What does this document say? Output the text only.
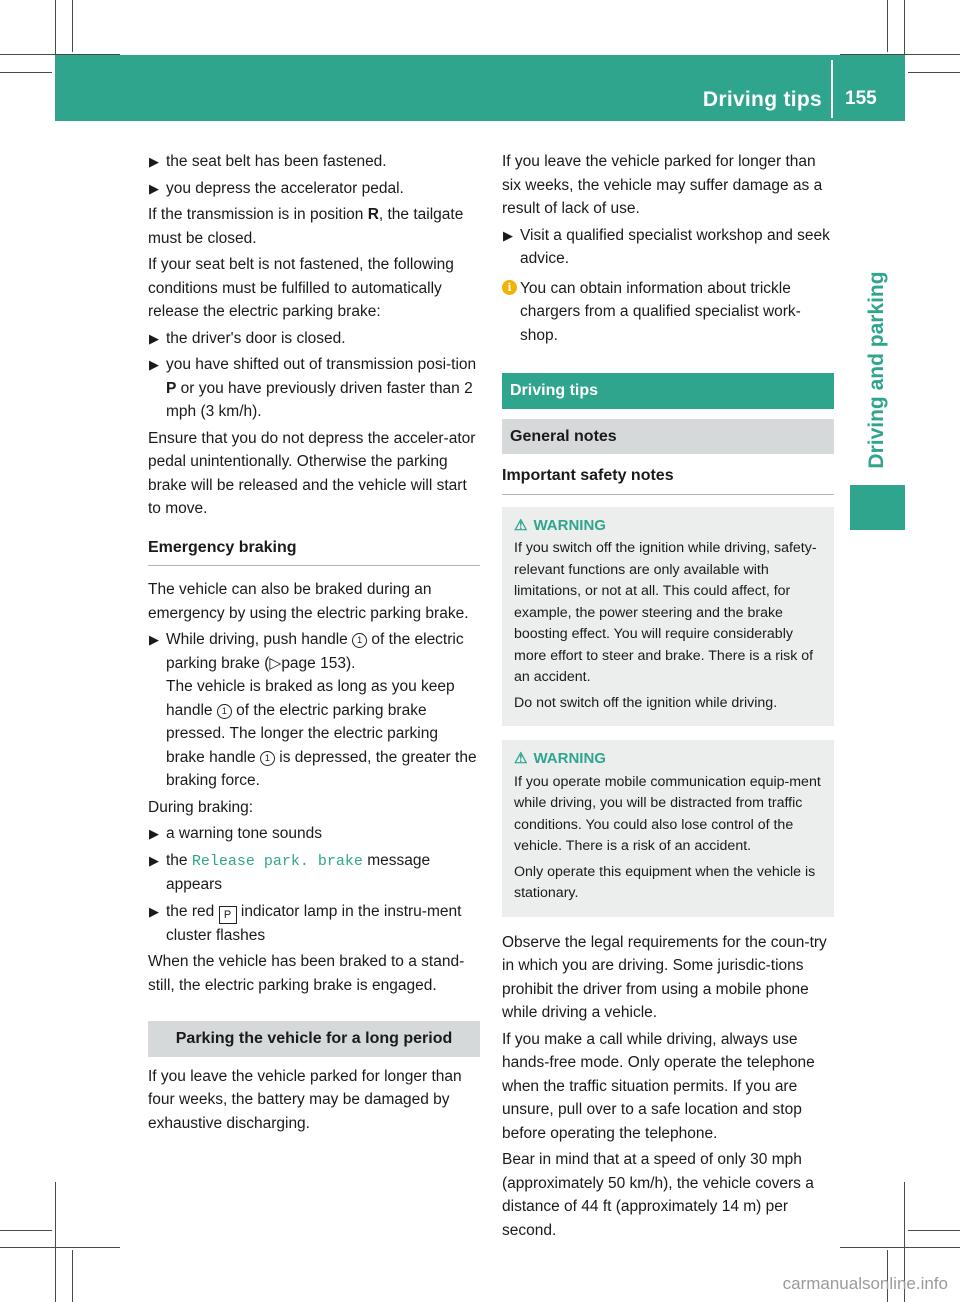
Driving tips 155
Driving and parking
▶︎ the seat belt has been fastened.
▶︎ you depress the accelerator pedal.

If the transmission is in position R, the tailgate must be closed.

If your seat belt is not fastened, the following conditions must be fulfilled to automatically release the electric parking brake:

▶︎ the driver's door is closed.
▶︎ you have shifted out of transmission posi-tion P or you have previously driven faster than 2 mph (3 km/h).

Ensure that you do not depress the acceler-ator pedal unintentionally. Otherwise the parking brake will be released and the vehicle will start to move.

Emergency braking

The vehicle can also be braked during an emergency by using the electric parking brake.

▶ While driving, push handle 1 of the electric parking brake (▷page 153).
The vehicle is braked as long as you keep handle 1 of the electric parking brake pressed. The longer the electric parking brake handle 1 is depressed, the greater the braking force.

During braking:

▶︎ a warning tone sounds
▶︎ the Release park. brake message appears
▶︎ the red P indicator lamp in the instru-ment cluster flashes

When the vehicle has been braked to a stand-still, the electric parking brake is engaged.

Parking the vehicle for a long period

If you leave the vehicle parked for longer than four weeks, the battery may be damaged by exhaustive discharging.

If you leave the vehicle parked for longer than six weeks, the vehicle may suffer damage as a result of lack of use.

▶ Visit a qualified specialist workshop and seek advice.
i You can obtain information about trickle chargers from a qualified specialist work-shop.
Driving tips
General notes
Important safety notes
⚠︎ WARNING

If you switch off the ignition while driving, safety-relevant functions are only available with limitations, or not at all. This could affect, for example, the power steering and the brake boosting effect. You will require considerably more effort to steer and brake. There is a risk of an accident.

Do not switch off the ignition while driving.

⚠︎ WARNING

If you operate mobile communication equip-ment while driving, you will be distracted from traffic conditions. You could also lose control of the vehicle. There is a risk of an accident.

Only operate this equipment when the vehicle is stationary.

Observe the legal requirements for the coun-try in which you are driving. Some jurisdic-tions prohibit the driver from using a mobile phone while driving a vehicle.

If you make a call while driving, always use hands-free mode. Only operate the telephone when the traffic situation permits. If you are unsure, pull over to a safe location and stop before operating the telephone.

Bear in mind that at a speed of only 30 mph (approximately 50 km/h), the vehicle covers a distance of 44 ft (approximately 14 m) per second.

carmanualsonline.info
